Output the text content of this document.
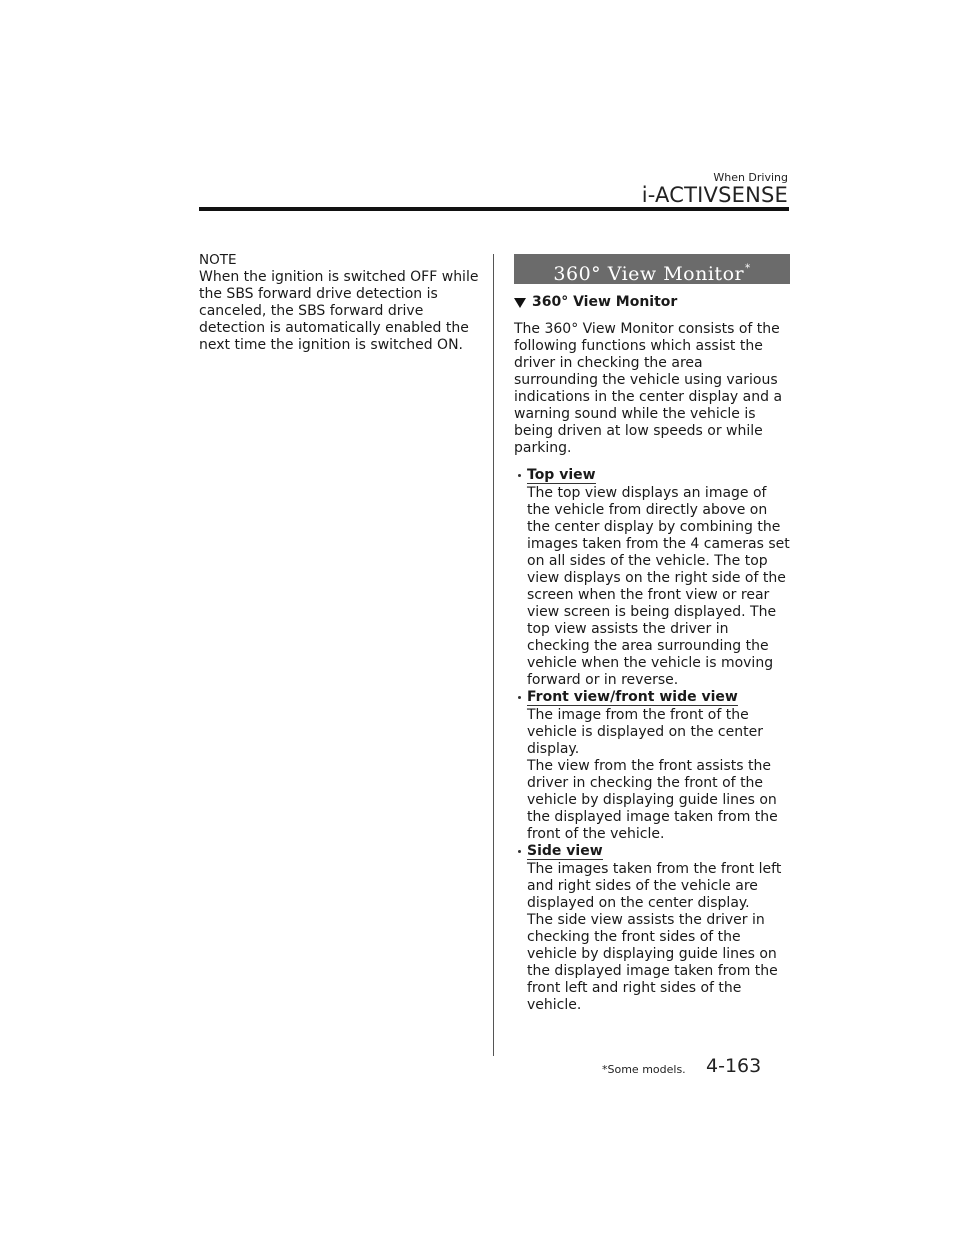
When Driving
i-ACTIVSENSE
NOTE

When the ignition is switched OFF while the SBS forward drive detection is canceled, the SBS forward drive detection is automatically enabled the next time the ignition is switched ON.

360° View Monitor*
360° View Monitor

The 360° View Monitor consists of the following functions which assist the driver in checking the area surrounding the vehicle using various indications in the center display and a warning sound while the vehicle is being driven at low speeds or while parking.

Top view

The top view displays an image of the vehicle from directly above on the center display by combining the images taken from the 4 cameras set on all sides of the vehicle. The top view displays on the right side of the screen when the front view or rear view screen is being displayed. The top view assists the driver in checking the area surrounding the vehicle when the vehicle is moving forward or in reverse.

Front view/front wide view

The image from the front of the vehicle is displayed on the center display.

The view from the front assists the driver in checking the front of the vehicle by displaying guide lines on the displayed image taken from the front of the vehicle.

Side view

The images taken from the front left and right sides of the vehicle are displayed on the center display.

The side view assists the driver in checking the front sides of the vehicle by displaying guide lines on the displayed image taken from the front left and right sides of the vehicle.

*Some models. 4-163
